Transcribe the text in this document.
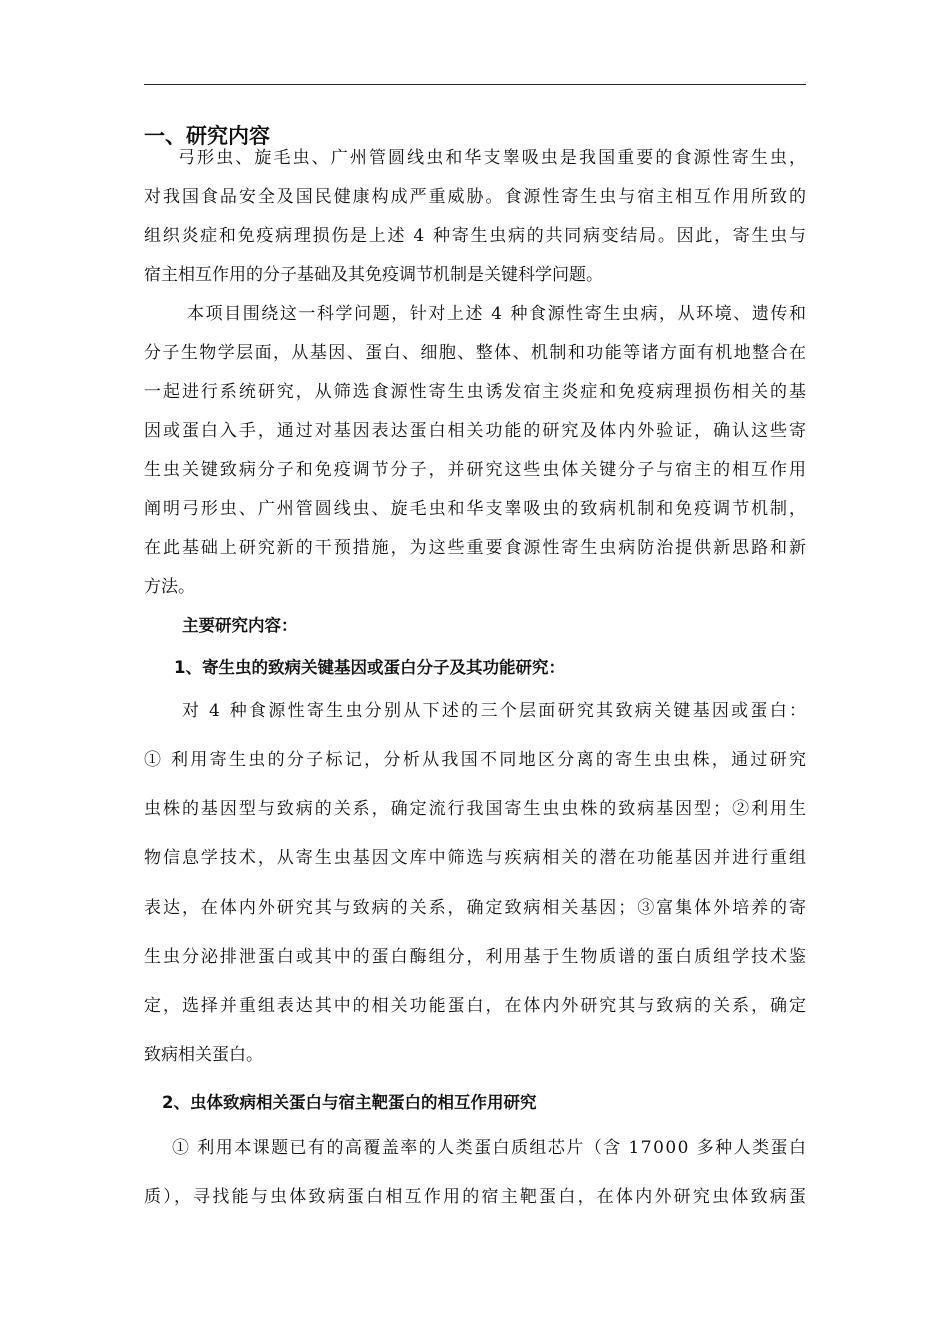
一、研究内容
弓形虫、旋毛虫、广州管圆线虫和华支睾吸虫是我国重要的食源性寄生虫，
对我国食品安全及国民健康构成严重威胁。食源性寄生虫与宿主相互作用所致的
组织炎症和免疫病理损伤是上述 4 种寄生虫病的共同病变结局。因此，寄生虫与
宿主相互作用的分子基础及其免疫调节机制是关键科学问题。
本项目围绕这一科学问题，针对上述 4 种食源性寄生虫病，从环境、遗传和
分子生物学层面，从基因、蛋白、细胞、整体、机制和功能等诸方面有机地整合在
一起进行系统研究，从筛选食源性寄生虫诱发宿主炎症和免疫病理损伤相关的基
因或蛋白入手，通过对基因表达蛋白相关功能的研究及体内外验证，确认这些寄
生虫关键致病分子和免疫调节分子，并研究这些虫体关键分子与宿主的相互作用
阐明弓形虫、广州管圆线虫、旋毛虫和华支睾吸虫的致病机制和免疫调节机制，
在此基础上研究新的干预措施，为这些重要食源性寄生虫病防治提供新思路和新
方法。
主要研究内容：
1、寄生虫的致病关键基因或蛋白分子及其功能研究：
对 4 种食源性寄生虫分别从下述的三个层面研究其致病关键基因或蛋白：
① 利用寄生虫的分子标记，分析从我国不同地区分离的寄生虫虫株，通过研究
虫株的基因型与致病的关系，确定流行我国寄生虫虫株的致病基因型；②利用生
物信息学技术，从寄生虫基因文库中筛选与疾病相关的潜在功能基因并进行重组
表达，在体内外研究其与致病的关系，确定致病相关基因；③富集体外培养的寄
生虫分泌排泄蛋白或其中的蛋白酶组分，利用基于生物质谱的蛋白质组学技术鉴
定，选择并重组表达其中的相关功能蛋白，在体内外研究其与致病的关系，确定
致病相关蛋白。
2、虫体致病相关蛋白与宿主靶蛋白的相互作用研究
① 利用本课题已有的高覆盖率的人类蛋白质组芯片（含 17000 多种人类蛋白
质），寻找能与虫体致病蛋白相互作用的宿主靶蛋白，在体内外研究虫体致病蛋
